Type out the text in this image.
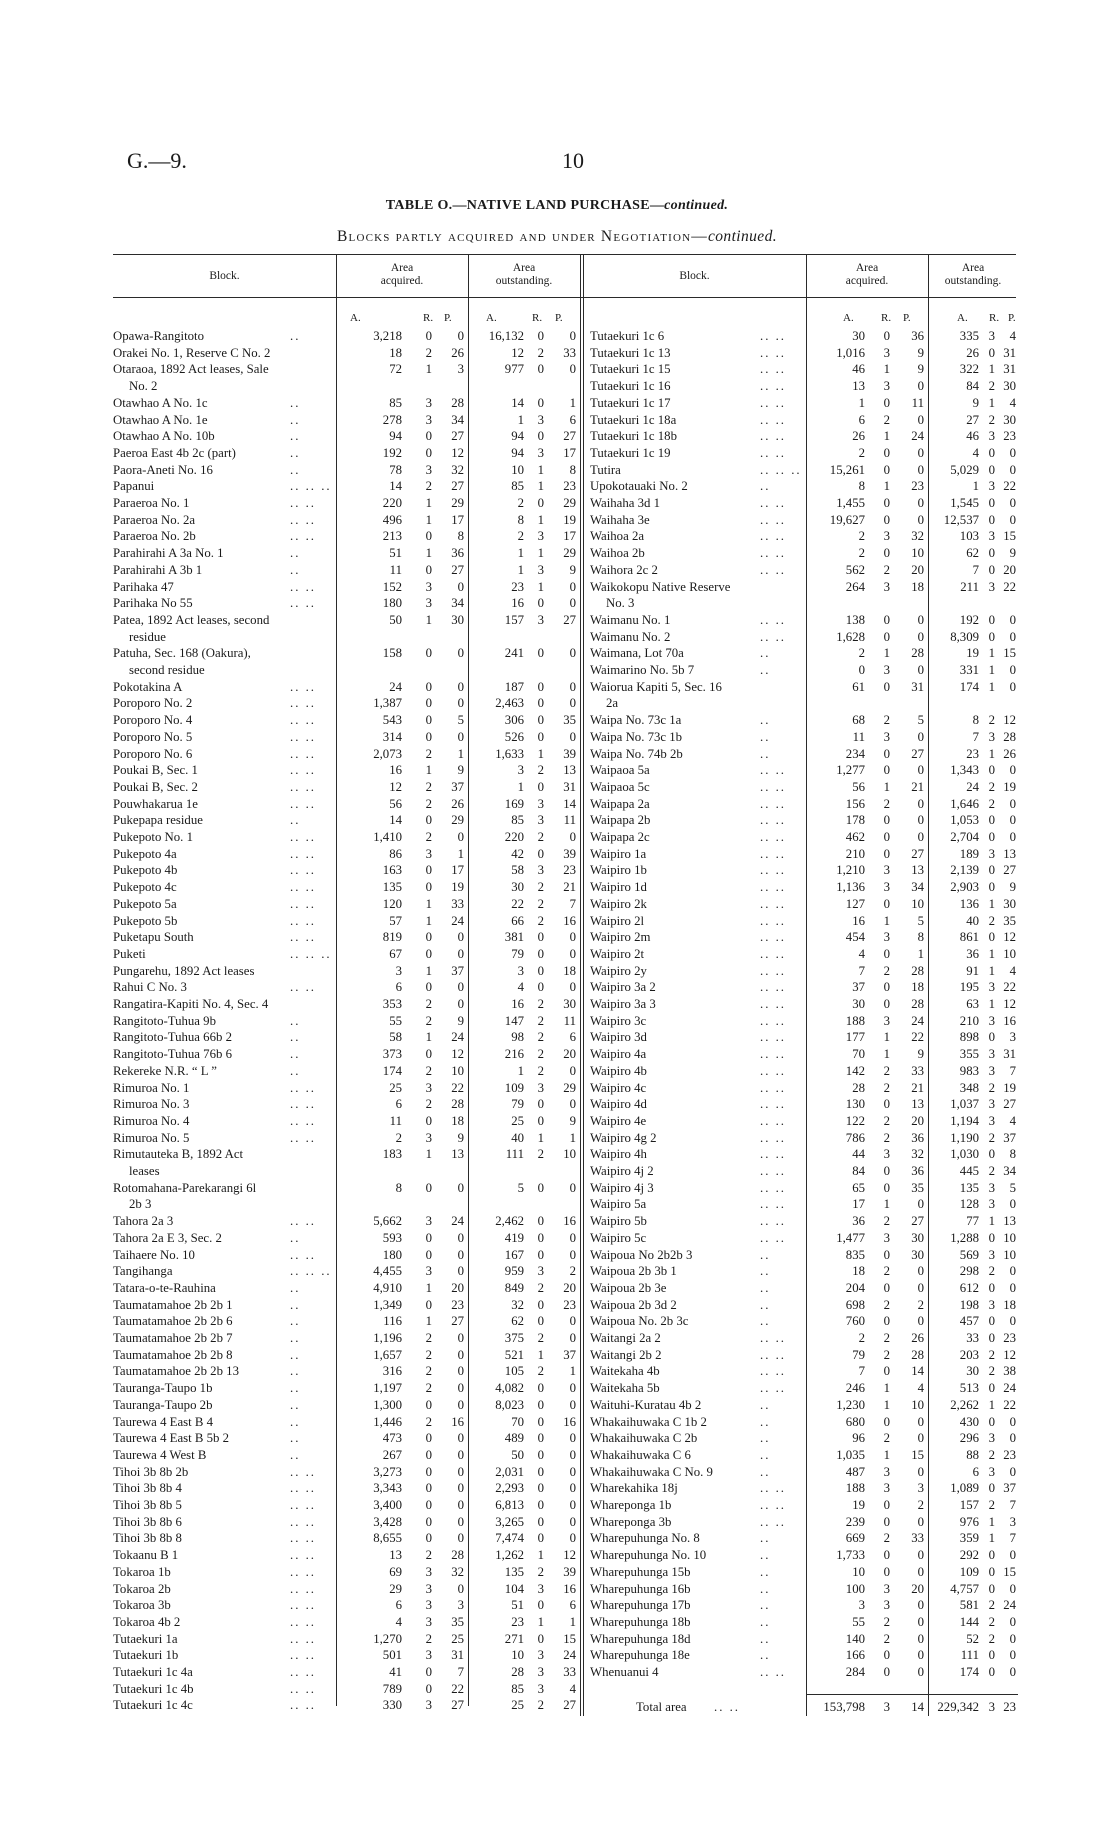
G.—9.	10
TABLE O.—NATIVE LAND PURCHASE—continued.
Blocks partly acquired and under Negotiation—continued.
Block.
Area
acquired.
Area
outstanding.	Block.
Area
acquired.
Area
outstanding.
A.	R. P.	A.	R. P.	A. R. P.	A. R. P.
Opawa-Rangitoto	..	3,218	0	0	16,132	0	0
Orakei No. 1, Reserve C No. 2	18	2	26	12	2	33
Otaraoa, 1892 Act leases, Sale	72	1	3	977	0	0
No. 2
Otawhao A No. 1c	..	85	3	28	14	0	1
Otawhao A No. 1e	..	278	3	34	1	3	6
Otawhao A No. 10b	..	94	0	27	94	0	27
Paeroa East 4b 2c (part)	..	192	0	12	94	3	17
Paora-Aneti No. 16	..	78	3	32	10	1	8
Papanui	.. .. ..	14	2	27	85	1	23
Paraeroa No. 1	.. ..	220	1	29	2	0	29
Paraeroa No. 2a	.. ..	496	1	17	8	1	19
Paraeroa No. 2b	.. ..	213	0	8	2	3	17
Parahirahi A 3a No. 1	..	51	1	36	1	1	29
Parahirahi A 3b 1	..	11	0	27	1	3	9
Parihaka 47	.. ..	152	3	0	23	1	0
Parihaka No 55	.. ..	180	3	34	16	0	0
Patea, 1892 Act leases, second	50	1	30	157	3	27
residue
Patuha, Sec. 168 (Oakura),	158	0	0	241	0	0
second residue
Pokotakina A	.. ..	24	0	0	187	0	0
Poroporo No. 2	.. ..	1,387	0	0	2,463	0	0
Poroporo No. 4	.. ..	543	0	5	306	0	35
Poroporo No. 5	.. ..	314	0	0	526	0	0
Poroporo No. 6	.. ..	2,073	2	1	1,633	1	39
Poukai B, Sec. 1	.. ..	16	1	9	3	2	13
Poukai B, Sec. 2	.. ..	12	2	37	1	0	31
Pouwhakarua 1e	.. ..	56	2	26	169	3	14
Pukepapa residue	..	14	0	29	85	3	11
Pukepoto No. 1	.. ..	1,410	2	0	220	2	0
Pukepoto 4a	.. ..	86	3	1	42	0	39
Pukepoto 4b	.. ..	163	0	17	58	3	23
Pukepoto 4c	.. ..	135	0	19	30	2	21
Pukepoto 5a	.. ..	120	1	33	22	2	7
Pukepoto 5b	.. ..	57	1	24	66	2	16
Puketapu South	.. ..	819	0	0	381	0	0
Puketi	.. .. ..	67	0	0	79	0	0
Pungarehu, 1892 Act leases	3	1	37	3	0	18
Rahui C No. 3	.. ..	6	0	0	4	0	0
Rangatira-Kapiti No. 4, Sec. 4	353	2	0	16	2	30
Rangitoto-Tuhua 9b	..	55	2	9	147	2	11
Rangitoto-Tuhua 66b 2	..	58	1	24	98	2	6
Rangitoto-Tuhua 76b 6	..	373	0	12	216	2	20
Rekereke N.R. “ L ”	..	174	2	10	1	2	0
Rimuroa No. 1	.. ..	25	3	22	109	3	29
Rimuroa No. 3	.. ..	6	2	28	79	0	0
Rimuroa No. 4	.. ..	11	0	18	25	0	9
Rimuroa No. 5	.. ..	2	3	9	40	1	1
Rimutauteka B, 1892 Act	183	1	13	111	2	10
leases
Rotomahana-Parekarangi 6l	8	0	0	5	0	0
2b 3
Tahora 2a 3	.. ..	5,662	3	24	2,462	0	16
Tahora 2a E 3, Sec. 2	..	593	0	0	419	0	0
Taihaere No. 10	.. ..	180	0	0	167	0	0
Tangihanga	.. .. ..	4,455	3	0	959	3	2
Tatara-o-te-Rauhina	..	4,910	1	20	849	2	20
Taumatamahoe 2b 2b 1	..	1,349	0	23	32	0	23
Taumatamahoe 2b 2b 6	..	116	1	27	62	0	0
Taumatamahoe 2b 2b 7	..	1,196	2	0	375	2	0
Taumatamahoe 2b 2b 8	..	1,657	2	0	521	1	37
Taumatamahoe 2b 2b 13	..	316	2	0	105	2	1
Tauranga-Taupo 1b	..	1,197	2	0	4,082	0	0
Tauranga-Taupo 2b	..	1,300	0	0	8,023	0	0
Taurewa 4 East B 4	..	1,446	2	16	70	0	16
Taurewa 4 East B 5b 2	..	473	0	0	489	0	0
Taurewa 4 West B	..	267	0	0	50	0	0
Tihoi 3b 8b 2b	.. ..	3,273	0	0	2,031	0	0
Tihoi 3b 8b 4	.. ..	3,343	0	0	2,293	0	0
Tihoi 3b 8b 5	.. ..	3,400	0	0	6,813	0	0
Tihoi 3b 8b 6	.. ..	3,428	0	0	3,265	0	0
Tihoi 3b 8b 8	.. ..	8,655	0	0	7,474	0	0
Tokaanu B 1	.. ..	13	2	28	1,262	1	12
Tokaroa 1b	.. ..	69	3	32	135	2	39
Tokaroa 2b	.. ..	29	3	0	104	3	16
Tokaroa 3b	.. ..	6	3	3	51	0	6
Tokaroa 4b 2	.. ..	4	3	35	23	1	1
Tutaekuri 1a	.. ..	1,270	2	25	271	0	15
Tutaekuri 1b	.. ..	501	3	31	10	3	24
Tutaekuri 1c 4a	.. ..	41	0	7	28	3	33
Tutaekuri 1c 4b	.. ..	789	0	22	85	3	4
Tutaekuri 1c 4c	.. ..	330	3	27	25	2	27
Tutaekuri 1c 6	.. ..	30	0	36	335 3	4
Tutaekuri 1c 13	.. ..	1,016	3	9	26 0 31
Tutaekuri 1c 15	.. ..	46	1	9	322 1 31
Tutaekuri 1c 16	.. ..	13	3	0	84 2 30
Tutaekuri 1c 17	.. ..	1	0	11	9 1	4
Tutaekuri 1c 18a	.. ..	6	2	0	27 2 30
Tutaekuri 1c 18b	.. ..	26	1	24	46 3 23
Tutaekuri 1c 19	.. ..	2	0	0	4 0	0
Tutira	.. .. ..	15,261	0	0	5,029 0	0
Upokotauaki No. 2	..	8	1	23	1 3 22
Waihaha 3d 1	.. ..	1,455	0	0	1,545 0	0
Waihaha 3e	.. ..	19,627	0	0	12,537 0	0
Waihoa 2a	.. ..	2	3	32	103 3 15
Waihoa 2b	.. ..	2	0	10	62 0	9
Waihora 2c 2	.. ..	562	2	20	7 0 20
Waikokopu Native Reserve	264	3	18	211 3 22
No. 3
Waimanu No. 1	.. ..	138	0	0	192 0	0
Waimanu No. 2	.. ..	1,628	0	0	8,309 0	0
Waimana, Lot 70a	..	2	1	28	19 1 15
Waimarino No. 5b 7	..	0	3	0	331 1	0
Waiorua Kapiti 5, Sec. 16	61	0	31	174 1	0
2a
Waipa No. 73c 1a	..	68	2	5	8 2 12
Waipa No. 73c 1b	..	11	3	0	7 3 28
Waipa No. 74b 2b	..	234	0	27	23 1 26
Waipaoa 5a	.. ..	1,277	0	0	1,343 0	0
Waipaoa 5c	.. ..	56	1	21	24 2 19
Waipapa 2a	.. ..	156	2	0	1,646 2	0
Waipapa 2b	.. ..	178	0	0	1,053 0	0
Waipapa 2c	.. ..	462	0	0	2,704 0	0
Waipiro 1a	.. ..	210	0	27	189 3 13
Waipiro 1b	.. ..	1,210	3	13	2,139 0 27
Waipiro 1d	.. ..	1,136	3	34	2,903 0	9
Waipiro 2k	.. ..	127	0	10	136 1 30
Waipiro 2l	.. ..	16	1	5	40 2 35
Waipiro 2m	.. ..	454	3	8	861 0 12
Waipiro 2t	.. ..	4	0	1	36 1 10
Waipiro 2y	.. ..	7	2	28	91 1	4
Waipiro 3a 2	.. ..	37	0	18	195 3 22
Waipiro 3a 3	.. ..	30	0	28	63 1 12
Waipiro 3c	.. ..	188	3	24	210 3 16
Waipiro 3d	.. ..	177	1	22	898 0	3
Waipiro 4a	.. ..	70	1	9	355 3 31
Waipiro 4b	.. ..	142	2	33	983 3	7
Waipiro 4c	.. ..	28	2	21	348 2 19
Waipiro 4d	.. ..	130	0	13	1,037 3 27
Waipiro 4e	.. ..	122	2	20	1,194 3	4
Waipiro 4g 2	.. ..	786	2	36	1,190 2 37
Waipiro 4h	.. ..	44	3	32	1,030 0	8
Waipiro 4j 2	.. ..	84	0	36	445 2 34
Waipiro 4j 3	.. ..	65	0	35	135 3	5
Waipiro 5a	.. ..	17	1	0	128 3	0
Waipiro 5b	.. ..	36	2	27	77 1 13
Waipiro 5c	.. ..	1,477	3	30	1,288 0 10
Waipoua No 2b2b 3	..	835	0	30	569 3 10
Waipoua 2b 3b 1	..	18	2	0	298 2	0
Waipoua 2b 3e	..	204	0	0	612 0	0
Waipoua 2b 3d 2	..	698	2	2	198 3 18
Waipoua No. 2b 3c	..	760	0	0	457 0	0
Waitangi 2a 2	.. ..	2	2	26	33 0 23
Waitangi 2b 2	.. ..	79	2	28	203 2 12
Waitekaha 4b	.. ..	7	0	14	30 2 38
Waitekaha 5b	.. ..	246	1	4	513 0 24
Waituhi-Kuratau 4b 2	..	1,230	1	10	2,262 1 22
Whakaihuwaka C 1b 2	..	680	0	0	430 0	0
Whakaihuwaka C 2b	..	96	2	0	296 3	0
Whakaihuwaka C 6	..	1,035	1	15	88 2 23
Whakaihuwaka C No. 9	..	487	3	0	6 3	0
Wharekahika 18j	.. ..	188	3	3	1,089 0 37
Whareponga 1b	.. ..	19	0	2	157 2	7
Whareponga 3b	.. ..	239	0	0	976 1	3
Wharepuhunga No. 8	..	669	2	33	359 1	7
Wharepuhunga No. 10	..	1,733	0	0	292 0	0
Wharepuhunga 15b	..	10	0	0	109 0 15
Wharepuhunga 16b	..	100	3	20	4,757 0	0
Wharepuhunga 17b	..	3	3	0	581 2 24
Wharepuhunga 18b	..	55	2	0	144 2	0
Wharepuhunga 18d	..	140	2	0	52 2	0
Wharepuhunga 18e	..	166	0	0	111 0	0
Whenuanui 4	.. ..	284	0	0	174 0	0
Total area .. ..	153,798	3	14	229,342 3 23
